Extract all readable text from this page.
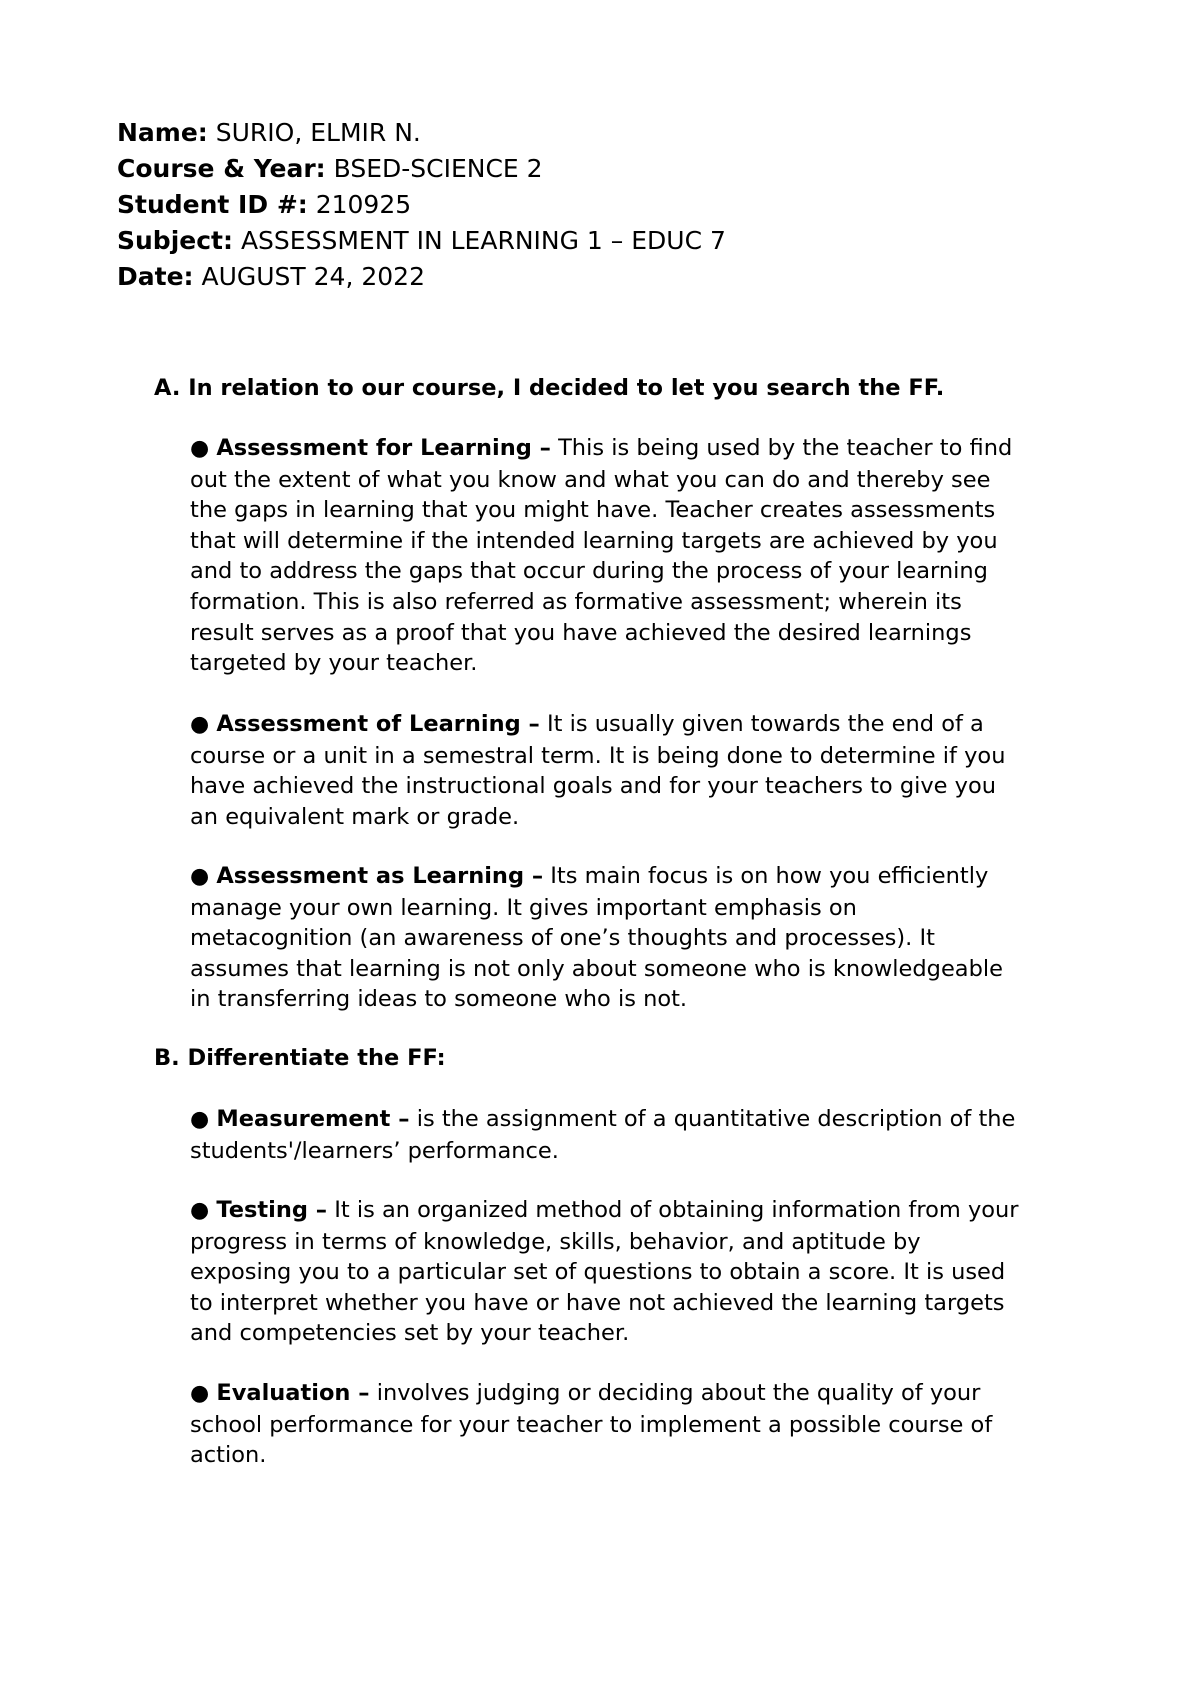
Name: SURIO, ELMIR N.
Course & Year: BSED-SCIENCE 2
Student ID #: 210925
Subject: ASSESSMENT IN LEARNING 1 – EDUC 7
Date: AUGUST 24, 2022
A. In relation to our course, I decided to let you search the FF.
● Assessment for Learning – This is being used by the teacher to find
out the extent of what you know and what you can do and thereby see
the gaps in learning that you might have. Teacher creates assessments
that will determine if the intended learning targets are achieved by you
and to address the gaps that occur during the process of your learning
formation. This is also referred as formative assessment; wherein its
result serves as a proof that you have achieved the desired learnings
targeted by your teacher.
● Assessment of Learning – It is usually given towards the end of a
course or a unit in a semestral term. It is being done to determine if you
have achieved the instructional goals and for your teachers to give you
an equivalent mark or grade.
● Assessment as Learning – Its main focus is on how you efficiently
manage your own learning. It gives important emphasis on
metacognition (an awareness of one’s thoughts and processes). It
assumes that learning is not only about someone who is knowledgeable
in transferring ideas to someone who is not.
B. Differentiate the FF:
● Measurement – is the assignment of a quantitative description of the
students'/learners’ performance.
● Testing – It is an organized method of obtaining information from your
progress in terms of knowledge, skills, behavior, and aptitude by
exposing you to a particular set of questions to obtain a score. It is used
to interpret whether you have or have not achieved the learning targets
and competencies set by your teacher.
● Evaluation – involves judging or deciding about the quality of your
school performance for your teacher to implement a possible course of
action.
